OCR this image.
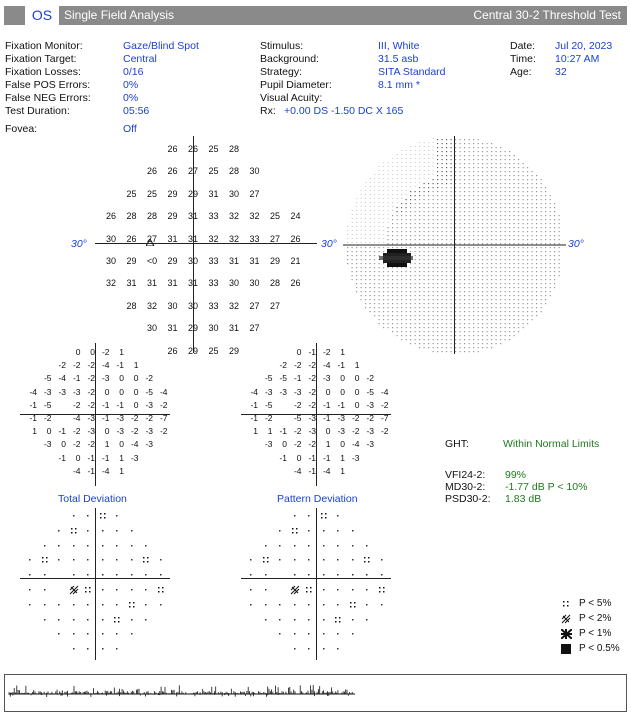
OS Single Field Analysis	Central 30-2 Threshold Test
Fixation Monitor:	Gaze/Blind Spot
Fixation Target:	Central
Fixation Losses:	0/16
False POS Errors:	0%
False NEG Errors:	0%
Test Duration:	05:56
Fovea:	Off
Stimulus:	III, White
Background:	31.5 asb
Strategy:	SITA Standard
Pupil Diameter:	8.1 mm *
Visual Acuity:
Rx: +0.00 DS -1.50 DC X 165
Date: Jul 20, 2023
Time: 10:27 AM
Age: 32
30°	30°
26	26	25	28
26	26	27	25	28	30
25	25	29	29	31	30	27
26	28	28	29	31	33	32	32	25	24
30	26	27	31	31	32	32	33	27	26
30	29	<0	29	30	33	31	31	29	21
32	31	31	31	31	33	30	30	28	26
28	32	30	30	33	32	27	27
30	31	29	30	31	27
26	29	25	29
-
- - - -
- - - - - -
- - - - - - - -
- - - - - - - - -
- - - - - - - - - -
- - - - - - - - - - - -
- - - - - - - - - - - - -
- - - - - - - - - - - - -
- - - - - - - - - - - - - -
- - - - - - - - - - - - - -
- - - - - - - - - - - - -
- - - - - - - - - - - -
- - - - - - - - - - -
- - - - - - - - - - -
- - - - - - - - - - -
- - - - - - - - - -
- - - - - - - - -
- - - - - - - - - -
- - - - - - - - -
- - - - - - - - -
- - - - - - - - -
- - - - - - - - -
- - - - - - - - -
- - - - - - - - -
- - - - - - - - -
- - - - - - - - -	30°
0	0 -2	1
-2 -2 -2 -4 -1	1
-5 -4 -1 -2 -3	0	0 -2
-4 -3 -3 -3 -2	0	0	0 -5 -4
-1 -5	-2 -2 -1 -1	0 -3 -2
-1 -2	-4 -3 -1 -3 -2 -2 -7
1	0 -1 -2 -3	0 -3 -2 -3 -2
-3	0 -2 -2	1	0 -4 -3
-1	0 -1 -1	1 -3
-4 -1 -4	1
Total Deviation
0 -1 -2	1
-2 -2 -2 -4 -1	1
-5 -5 -1 -2 -3	0	0 -2
-4 -3 -3 -3 -2	0	0	0 -5 -4
-1 -5	-2 -2 -1 -1	0 -3 -2
-1 -2	-5 -3 -1 -3 -2 -2 -7
1	1 -1 -2 -3	0 -3 -2 -3 -2
-3	0 -2 -2	1	0 -4 -3
-1	0 -1 -1	1 -3
-4 -1 -4	1
Pattern Deviation
GHT:	Within Normal Limits
VFI24-2: 99%
MD30-2: -1.77 dB P < 10%
PSD30-2: 1.83 dB
P < 5%
P < 2%
P < 1%
P < 0.5%
